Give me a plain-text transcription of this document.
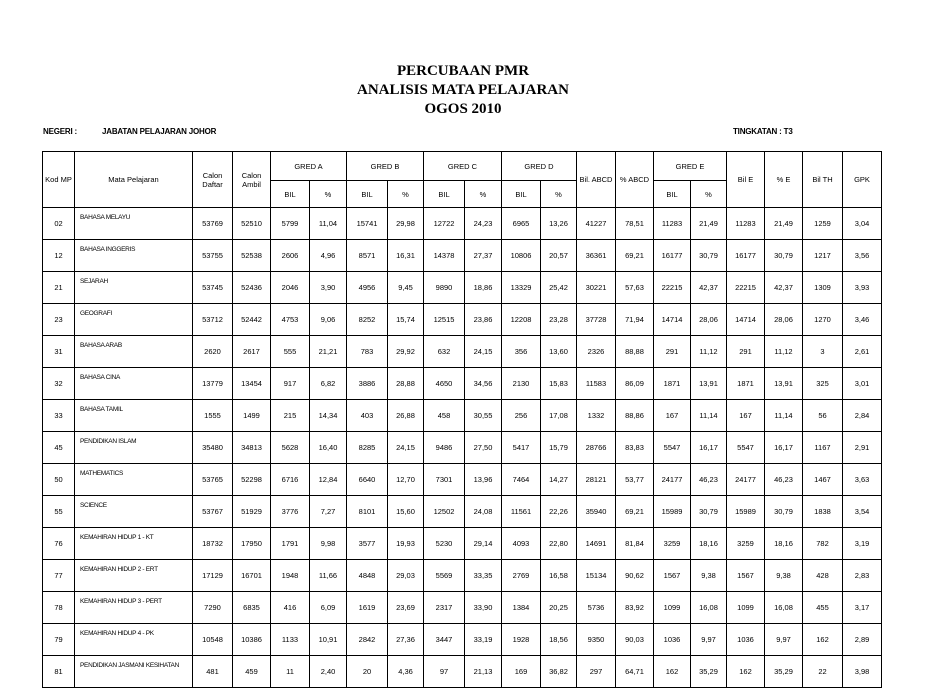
PERCUBAAN PMR
ANALISIS MATA PELAJARAN
OGOS 2010
NEGERI :	JABATAN PELAJARAN JOHOR	TINGKATAN : T3
Kod MP	Mata Pelajaran	Calon Daftar	Calon Ambil	GRED A		GRED B		GRED C		GRED D		Bil. ABCD	% ABCD	GRED E		Bil E	% E	Bil TH	GPK
				BIL	%	BIL	%	BIL	%	BIL	%			BIL	%				
02	BAHASA MELAYU	53769	52510	5799	11,04	15741	29,98	12722	24,23	6965	13,26	41227	78,51	11283	21,49	11283	21,49	1259	3,04
12	BAHASA INGGERIS	53755	52538	2606	4,96	8571	16,31	14378	27,37	10806	20,57	36361	69,21	16177	30,79	16177	30,79	1217	3,56
21	SEJARAH	53745	52436	2046	3,90	4956	9,45	9890	18,86	13329	25,42	30221	57,63	22215	42,37	22215	42,37	1309	3,93
23	GEOGRAFI	53712	52442	4753	9,06	8252	15,74	12515	23,86	12208	23,28	37728	71,94	14714	28,06	14714	28,06	1270	3,46
31	BAHASA ARAB	2620	2617	555	21,21	783	29,92	632	24,15	356	13,60	2326	88,88	291	11,12	291	11,12	3	2,61
32	BAHASA CINA	13779	13454	917	6,82	3886	28,88	4650	34,56	2130	15,83	11583	86,09	1871	13,91	1871	13,91	325	3,01
33	BAHASA TAMIL	1555	1499	215	14,34	403	26,88	458	30,55	256	17,08	1332	88,86	167	11,14	167	11,14	56	2,84
45	PENDIDIKAN ISLAM	35480	34813	5628	16,40	8285	24,15	9486	27,50	5417	15,79	28766	83,83	5547	16,17	5547	16,17	1167	2,91
50	MATHEMATICS	53765	52298	6716	12,84	6640	12,70	7301	13,96	7464	14,27	28121	53,77	24177	46,23	24177	46,23	1467	3,63
55	SCIENCE	53767	51929	3776	7,27	8101	15,60	12502	24,08	11561	22,26	35940	69,21	15989	30,79	15989	30,79	1838	3,54
76	KEMAHIRAN HIDUP 1 - KT	18732	17950	1791	9,98	3577	19,93	5230	29,14	4093	22,80	14691	81,84	3259	18,16	3259	18,16	782	3,19
77	KEMAHIRAN HIDUP 2 - ERT	17129	16701	1948	11,66	4848	29,03	5569	33,35	2769	16,58	15134	90,62	1567	9,38	1567	9,38	428	2,83
78	KEMAHIRAN HIDUP 3 - PERT	7290	6835	416	6,09	1619	23,69	2317	33,90	1384	20,25	5736	83,92	1099	16,08	1099	16,08	455	3,17
79	KEMAHIRAN HIDUP 4 - PK	10548	10386	1133	10,91	2842	27,36	3447	33,19	1928	18,56	9350	90,03	1036	9,97	1036	9,97	162	2,89
81	PENDIDIKAN JASMANI KESIHATAN	481	459	11	2,40	20	4,36	97	21,13	169	36,82	297	64,71	162	35,29	162	35,29	22	3,98
